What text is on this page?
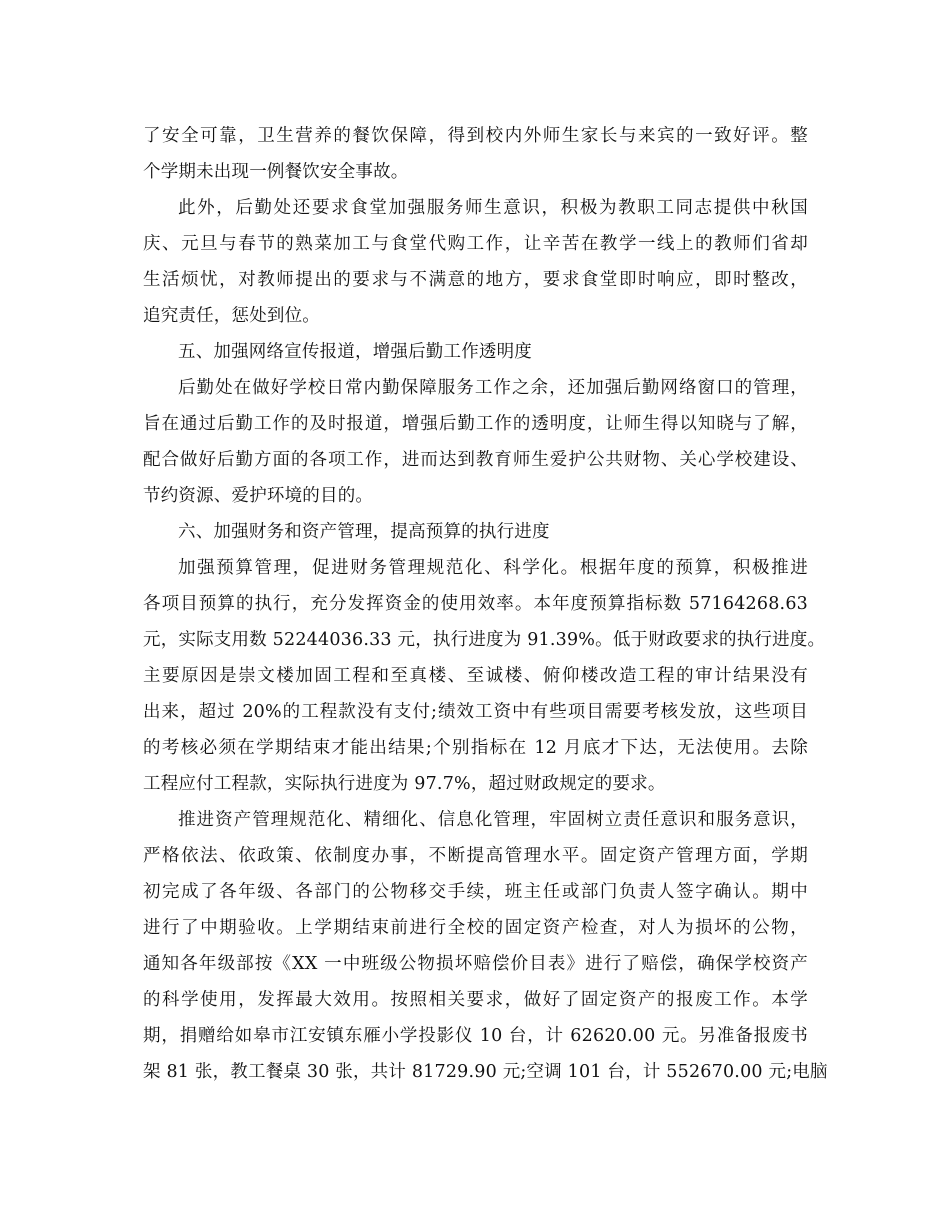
了安全可靠，卫生营养的餐饮保障，得到校内外师生家长与来宾的一致好评。整
个学期未出现一例餐饮安全事故。
此外，后勤处还要求食堂加强服务师生意识，积极为教职工同志提供中秋国
庆、元旦与春节的熟菜加工与食堂代购工作，让辛苦在教学一线上的教师们省却
生活烦忧，对教师提出的要求与不满意的地方，要求食堂即时响应，即时整改，
追究责任，惩处到位。
五、加强网络宣传报道，增强后勤工作透明度
后勤处在做好学校日常内勤保障服务工作之余，还加强后勤网络窗口的管理，
旨在通过后勤工作的及时报道，增强后勤工作的透明度，让师生得以知晓与了解，
配合做好后勤方面的各项工作，进而达到教育师生爱护公共财物、关心学校建设、
节约资源、爱护环境的目的。
六、加强财务和资产管理，提高预算的执行进度
加强预算管理，促进财务管理规范化、科学化。根据年度的预算，积极推进
各项目预算的执行，充分发挥资金的使用效率。本年度预算指标数 57164268.63
元，实际支用数 52244036.33 元，执行进度为 91.39%。低于财政要求的执行进度。
主要原因是崇文楼加固工程和至真楼、至诚楼、俯仰楼改造工程的审计结果没有
出来，超过 20%的工程款没有支付;绩效工资中有些项目需要考核发放，这些项目
的考核必须在学期结束才能出结果;个别指标在 12 月底才下达，无法使用。去除
工程应付工程款，实际执行进度为 97.7%，超过财政规定的要求。
推进资产管理规范化、精细化、信息化管理，牢固树立责任意识和服务意识，
严格依法、依政策、依制度办事，不断提高管理水平。固定资产管理方面，学期
初完成了各年级、各部门的公物移交手续，班主任或部门负责人签字确认。期中
进行了中期验收。上学期结束前进行全校的固定资产检查，对人为损坏的公物，
通知各年级部按《XX 一中班级公物损坏赔偿价目表》进行了赔偿，确保学校资产
的科学使用，发挥最大效用。按照相关要求，做好了固定资产的报废工作。本学
期，捐赠给如皋市江安镇东雁小学投影仪 10 台，计 62620.00 元。另准备报废书
架 81 张，教工餐桌 30 张，共计 81729.90 元;空调 101 台，计 552670.00 元;电脑
